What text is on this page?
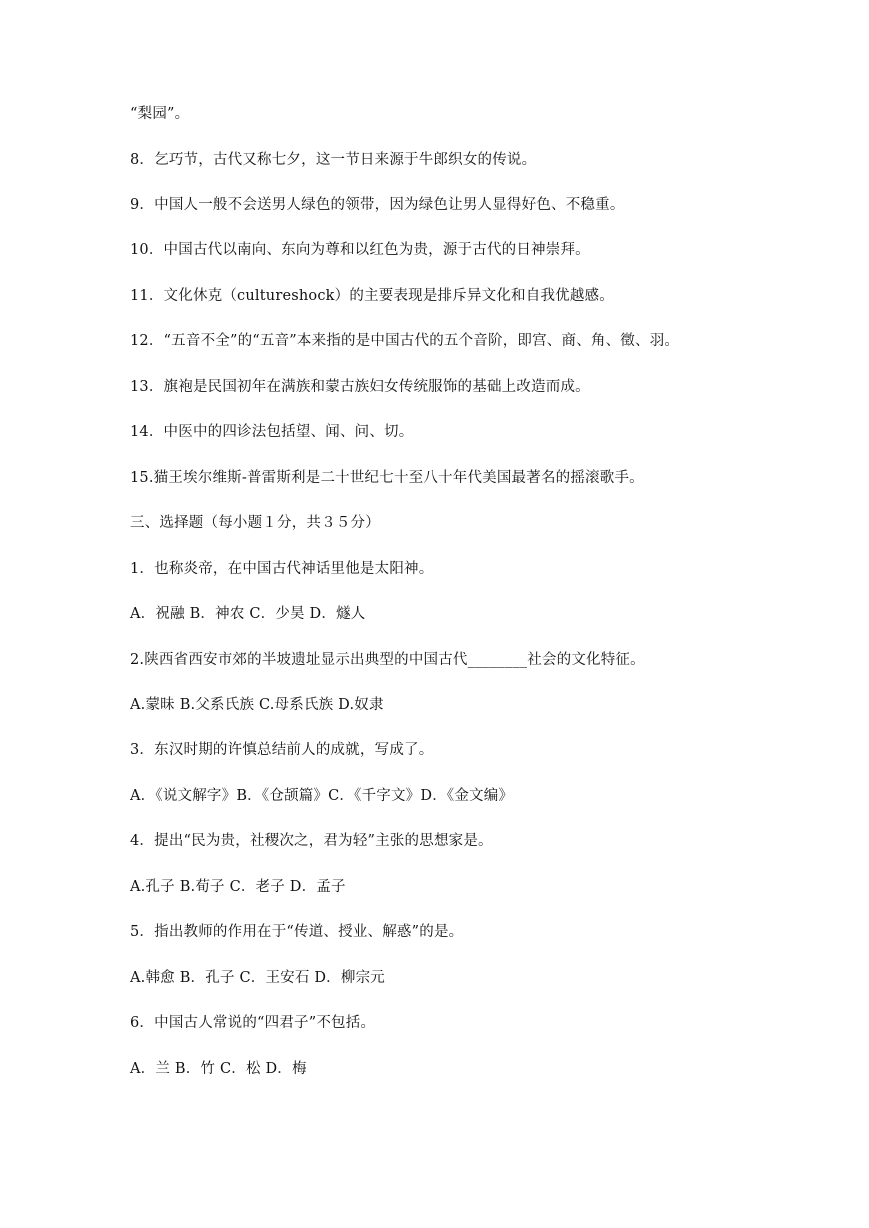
“梨园”。
8．乞巧节，古代又称七夕，这一节日来源于牛郎织女的传说。
9．中国人一般不会送男人绿色的领带，因为绿色让男人显得好色、不稳重。
10．中国古代以南向、东向为尊和以红色为贵，源于古代的日神崇拜。
11．文化休克（cultureshock）的主要表现是排斥异文化和自我优越感。
12．“五音不全”的“五音”本来指的是中国古代的五个音阶，即宫、商、角、徵、羽。
13．旗袍是民国初年在满族和蒙古族妇女传统服饰的基础上改造而成。
14．中医中的四诊法包括望、闻、问、切。
15.猫王埃尔维斯-普雷斯利是二十世纪七十至八十年代美国最著名的摇滚歌手。
三、选择题（每小题１分，共３５分）
1．也称炎帝，在中国古代神话里他是太阳神。
A．祝融 B．神农 C．少昊 D．燧人
2.陕西省西安市郊的半坡遗址显示出典型的中国古代________社会的文化特征。
A.蒙昧 B.父系氏族 C.母系氏族 D.奴隶
3．东汉时期的许慎总结前人的成就，写成了。
A．《说文解字》B．《仓颉篇》C．《千字文》D．《金文编》
4．提出“民为贵，社稷次之，君为轻”主张的思想家是。
A.孔子 B.荀子 C．老子 D．孟子
5．指出教师的作用在于“传道、授业、解惑”的是。
A.韩愈 B．孔子 C．王安石 D．柳宗元
6．中国古人常说的“四君子”不包括。
A．兰 B．竹 C．松 D．梅
